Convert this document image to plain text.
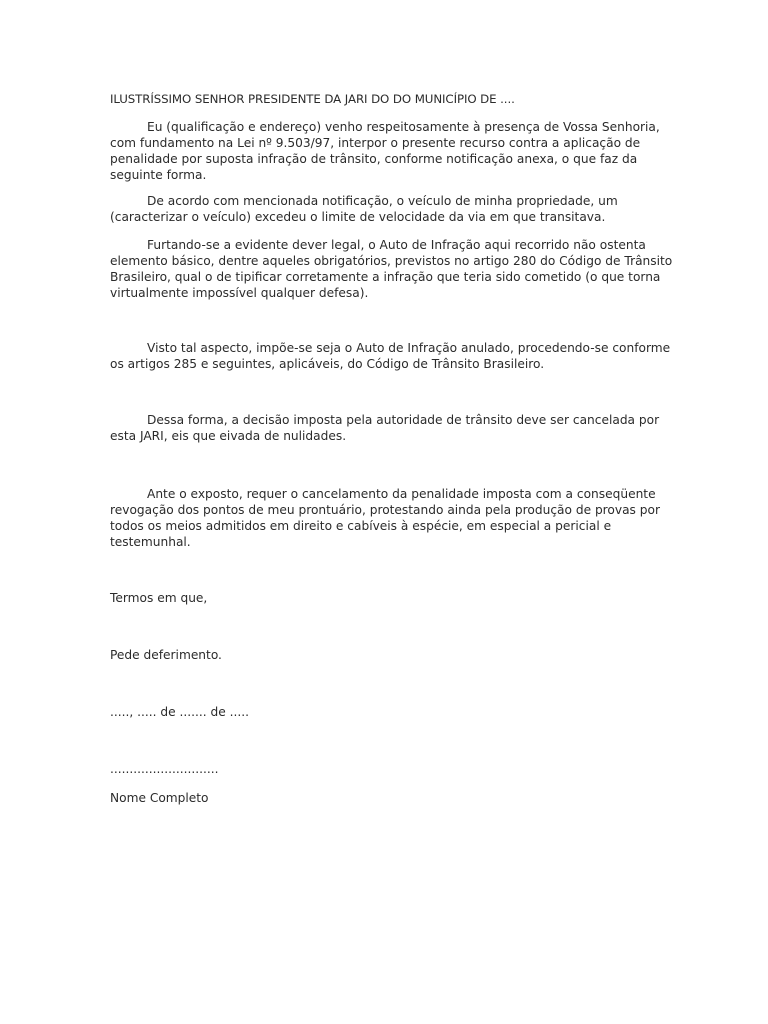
ILUSTRÍSSIMO SENHOR PRESIDENTE DA JARI DO DO MUNICÍPIO DE ....
Eu (qualificação e endereço) venho respeitosamente à presença de Vossa Senhoria,
com fundamento na Lei nº 9.503/97, interpor o presente recurso contra a aplicação de
penalidade por suposta infração de trânsito, conforme notificação anexa, o que faz da
seguinte forma.
De acordo com mencionada notificação, o veículo de minha propriedade, um
(caracterizar o veículo) excedeu o limite de velocidade da via em que transitava.
Furtando-se a evidente dever legal, o Auto de Infração aqui recorrido não ostenta
elemento básico, dentre aqueles obrigatórios, previstos no artigo 280 do Código de Trânsito
Brasileiro, qual o de tipificar corretamente a infração que teria sido cometido (o que torna
virtualmente impossível qualquer defesa).
Visto tal aspecto, impõe-se seja o Auto de Infração anulado, procedendo-se conforme
os artigos 285 e seguintes, aplicáveis, do Código de Trânsito Brasileiro.
Dessa forma, a decisão imposta pela autoridade de trânsito deve ser cancelada por
esta JARI, eis que eivada de nulidades.
Ante o exposto, requer o cancelamento da penalidade imposta com a conseqüente
revogação dos pontos de meu prontuário, protestando ainda pela produção de provas por
todos os meios admitidos em direito e cabíveis à espécie, em especial a pericial e
testemunhal.
Termos em que,
Pede deferimento.
....., ..... de ....... de .....
............................
Nome Completo
